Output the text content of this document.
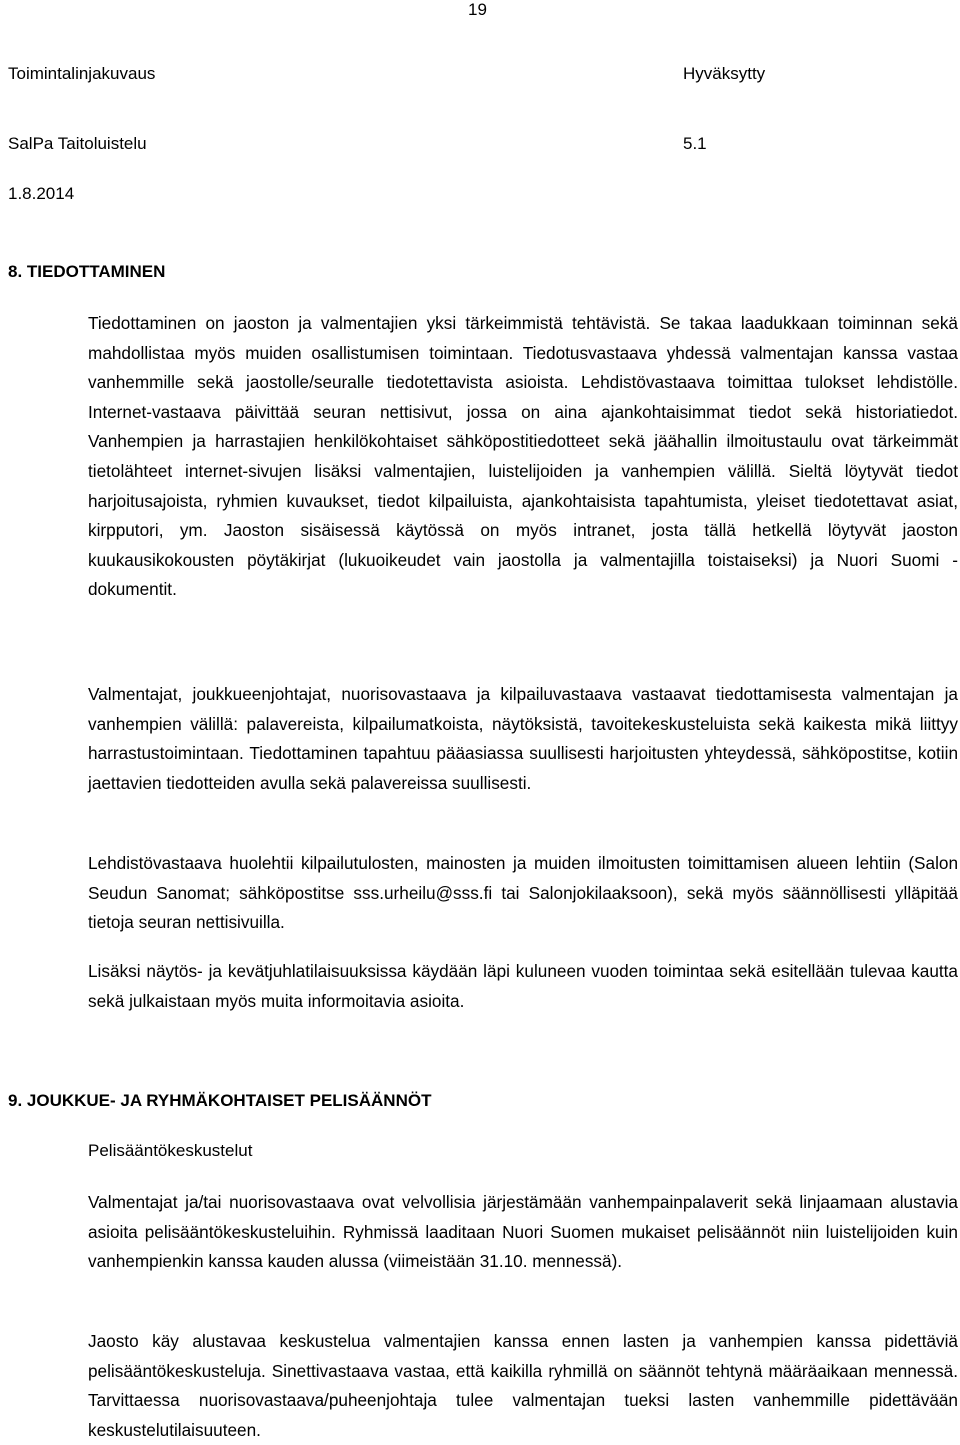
19
Toimintalinjakuvaus	Hyväksytty
SalPa Taitoluistelu	5.1
1.8.2014
8. TIEDOTTAMINEN
Tiedottaminen on jaoston ja valmentajien yksi tärkeimmistä tehtävistä. Se takaa laadukkaan toiminnan sekä mahdollistaa myös muiden osallistumisen toimintaan. Tiedotusvastaava yhdessä valmentajan kanssa vastaa vanhemmille sekä jaostolle/seuralle tiedotettavista asioista. Lehdistövastaava toimittaa tulokset lehdistölle. Internet-vastaava päivittää seuran nettisivut, jossa on aina ajankohtaisimmat tiedot sekä historiatiedot. Vanhempien ja harrastajien henkilökohtaiset sähköpostitiedotteet sekä jäähallin ilmoitustaulu ovat tärkeimmät tietolähteet internet-sivujen lisäksi valmentajien, luistelijoiden ja vanhempien välillä. Sieltä löytyvät tiedot harjoitusajoista, ryhmien kuvaukset, tiedot kilpailuista, ajankohtaisista tapahtumista, yleiset tiedotettavat asiat, kirpputori, ym. Jaoston sisäisessä käytössä on myös intranet, josta tällä hetkellä löytyvät jaoston kuukausikokousten pöytäkirjat (lukuoikeudet vain jaostolla ja valmentajilla toistaiseksi) ja Nuori Suomi - dokumentit.
Valmentajat, joukkueenjohtajat, nuorisovastaava ja kilpailuvastaava vastaavat tiedottamisesta valmentajan ja vanhempien välillä: palavereista, kilpailumatkoista, näytöksistä, tavoitekeskusteluista sekä kaikesta mikä liittyy harrastustoimintaan. Tiedottaminen tapahtuu pääasiassa suullisesti harjoitusten yhteydessä, sähköpostitse, kotiin jaettavien tiedotteiden avulla sekä palavereissa suullisesti.
Lehdistövastaava huolehtii kilpailutulosten, mainosten ja muiden ilmoitusten toimittamisen alueen lehtiin (Salon Seudun Sanomat; sähköpostitse sss.urheilu@sss.fi tai Salonjokilaaksoon), sekä myös säännöllisesti ylläpitää tietoja seuran nettisivuilla.
Lisäksi näytös- ja kevätjuhlatilaisuuksissa käydään läpi kuluneen vuoden toimintaa sekä esitellään tulevaa kautta sekä julkaistaan myös muita informoitavia asioita.
9. JOUKKUE- JA RYHMÄKOHTAISET PELISÄÄNNÖT
Pelisääntökeskustelut
Valmentajat ja/tai nuorisovastaava ovat velvollisia järjestämään vanhempainpalaverit sekä linjaamaan alustavia asioita pelisääntökeskusteluihin. Ryhmissä laaditaan Nuori Suomen mukaiset pelisäännöt niin luistelijoiden kuin vanhempienkin kanssa kauden alussa (viimeistään 31.10. mennessä).
Jaosto käy alustavaa keskustelua valmentajien kanssa ennen lasten ja vanhempien kanssa pidettäviä pelisääntökeskusteluja. Sinettivastaava vastaa, että kaikilla ryhmillä on säännöt tehtynä määräaikaan mennessä. Tarvittaessa nuorisovastaava/puheenjohtaja tulee valmentajan tueksi lasten vanhemmille pidettävään keskustelutilaisuuteen.
